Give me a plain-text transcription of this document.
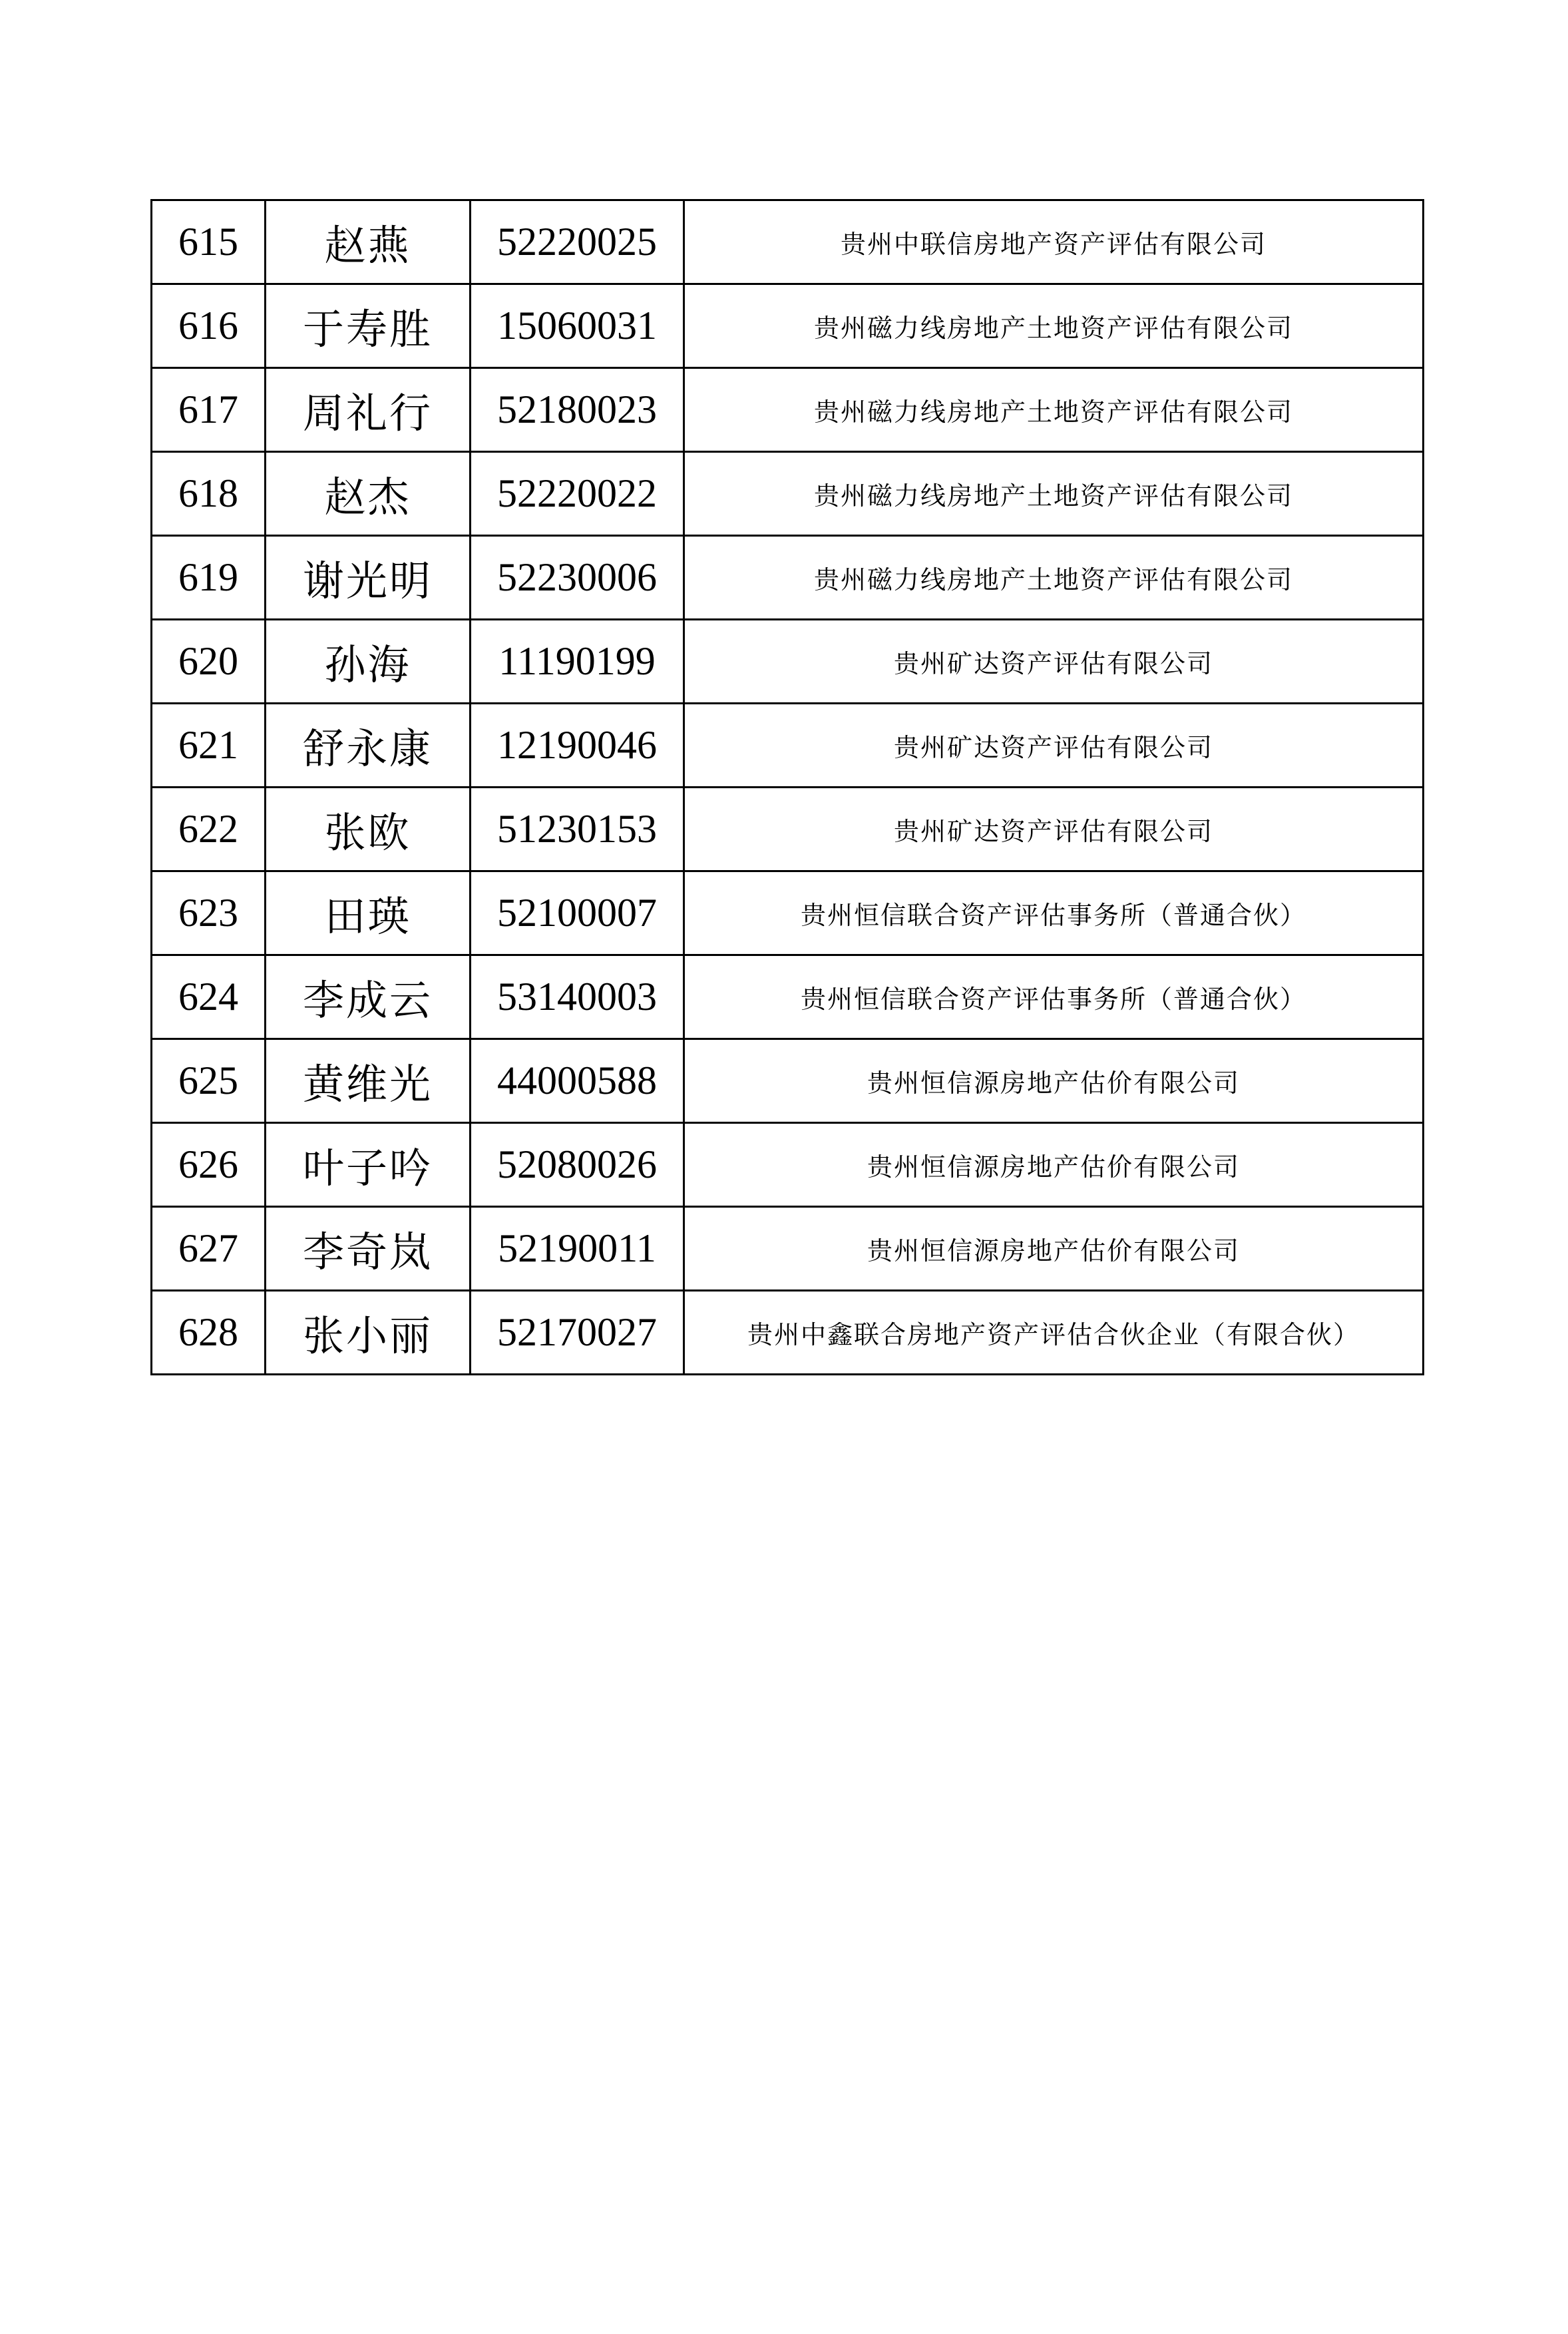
615	赵燕	52220025	贵州中联信房地产资产评估有限公司
616	于寿胜	15060031	贵州磁力线房地产土地资产评估有限公司
617	周礼行	52180023	贵州磁力线房地产土地资产评估有限公司
618	赵杰	52220022	贵州磁力线房地产土地资产评估有限公司
619	谢光明	52230006	贵州磁力线房地产土地资产评估有限公司
620	孙海	11190199	贵州矿达资产评估有限公司
621	舒永康	12190046	贵州矿达资产评估有限公司
622	张欧	51230153	贵州矿达资产评估有限公司
623	田瑛	52100007	贵州恒信联合资产评估事务所（普通合伙）
624	李成云	53140003	贵州恒信联合资产评估事务所（普通合伙）
625	黄维光	44000588	贵州恒信源房地产估价有限公司
626	叶子吟	52080026	贵州恒信源房地产估价有限公司
627	李奇岚	52190011	贵州恒信源房地产估价有限公司
628	张小丽	52170027	贵州中鑫联合房地产资产评估合伙企业（有限合伙）
